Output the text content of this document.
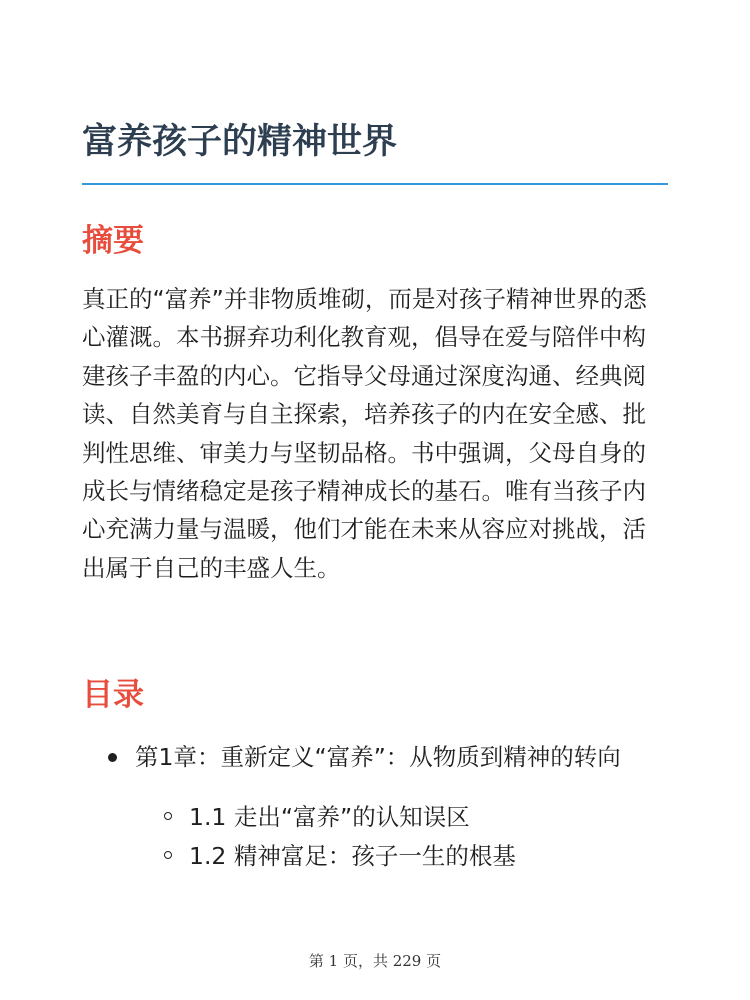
富养孩子的精神世界
摘要

真正的“富养”并非物质堆砌，而是对孩子精神世界的悉心灌溉。本书摒弃功利化教育观，倡导在爱与陪伴中构建孩子丰盈的内心。它指导父母通过深度沟通、经典阅读、自然美育与自主探索，培养孩子的内在安全感、批判性思维、审美力与坚韧品格。书中强调，父母自身的成长与情绪稳定是孩子精神成长的基石。唯有当孩子内心充满力量与温暖，他们才能在未来从容应对挑战，活出属于自己的丰盛人生。

目录
第1章：重新定义“富养”：从物质到精神的转向
1.1 走出“富养”的认知误区
1.2 精神富足：孩子一生的根基
第 1 页，共 229 页
